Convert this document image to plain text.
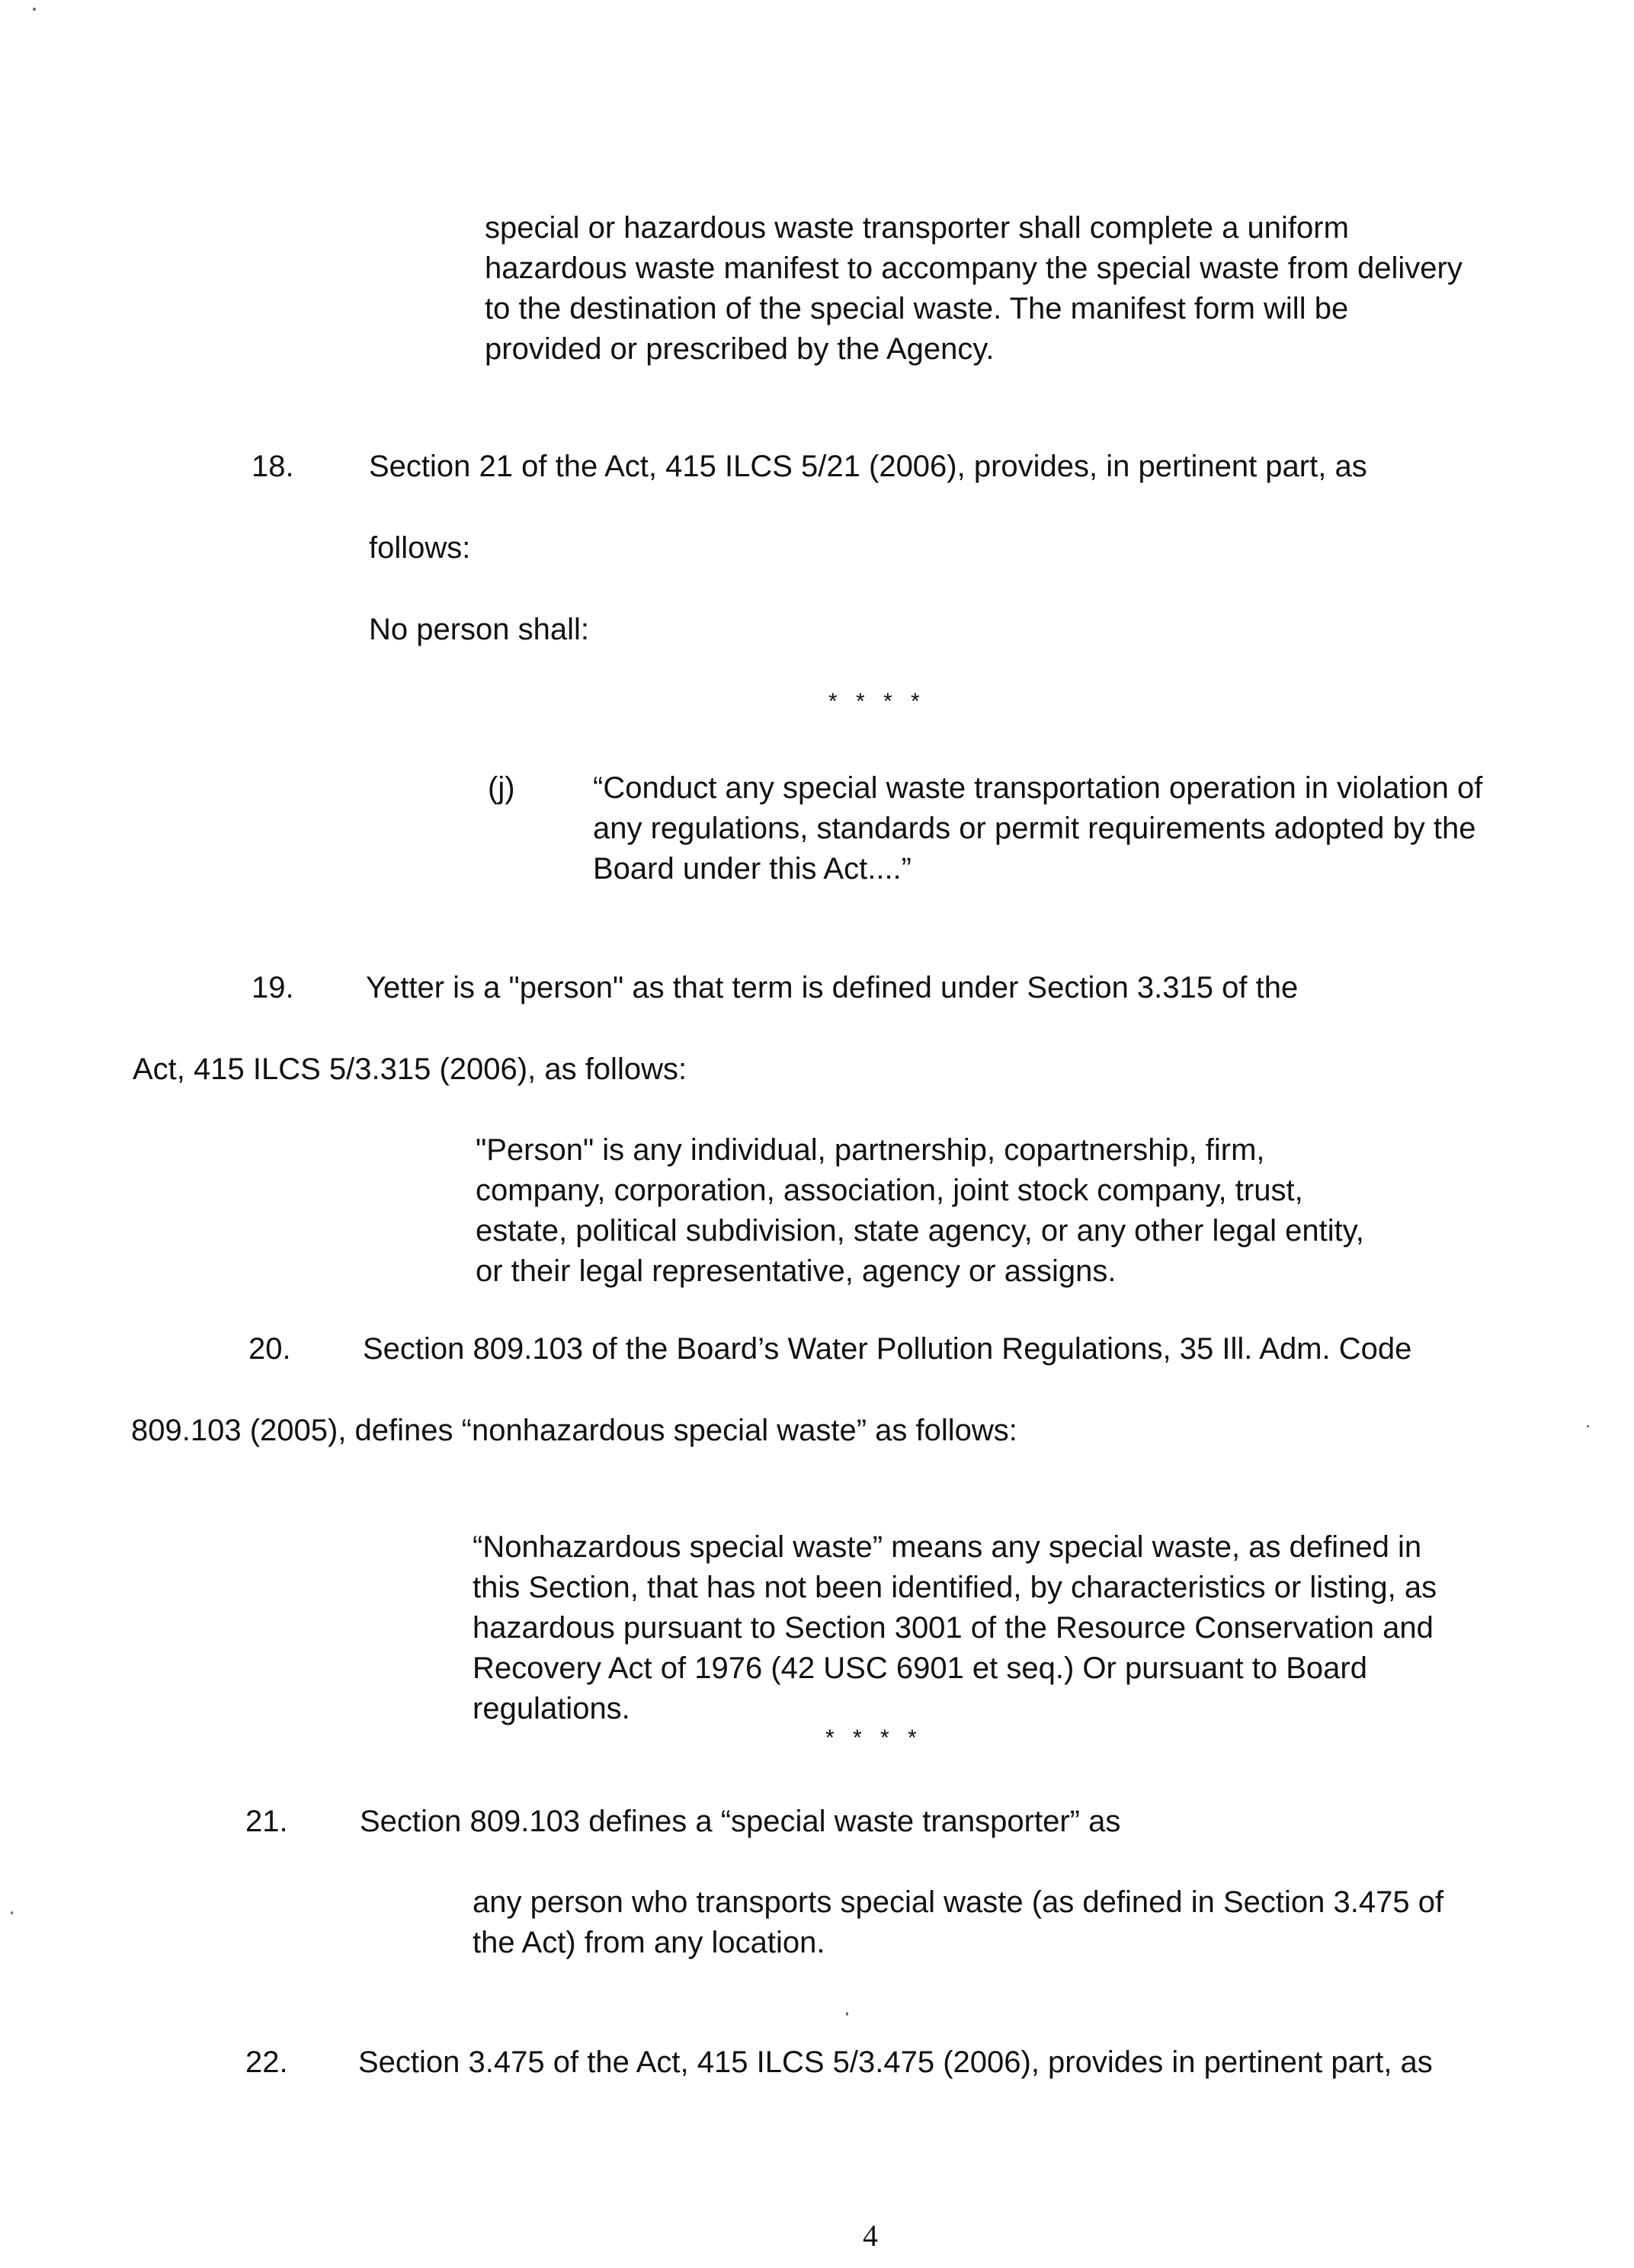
special or hazardous waste transporter shall complete a uniform
hazardous waste manifest to accompany the special waste from delivery
to the destination of the special waste. The manifest form will be
provided or prescribed by the Agency.
18. Section 21 of the Act, 415 ILCS 5/21 (2006), provides, in pertinent part, as
follows:
No person shall:
* * * *
(j)	“Conduct any special waste transportation operation in violation of
any regulations, standards or permit requirements adopted by the
Board under this Act....”
19. Yetter is a "person" as that term is defined under Section 3.315 of the
Act, 415 ILCS 5/3.315 (2006), as follows:
"Person" is any individual, partnership, copartnership, firm,
company, corporation, association, joint stock company, trust,
estate, political subdivision, state agency, or any other legal entity,
or their legal representative, agency or assigns.
20. Section 809.103 of the Board’s Water Pollution Regulations, 35 Ill. Adm. Code
809.103 (2005), defines “nonhazardous special waste” as follows:
“Nonhazardous special waste” means any special waste, as defined in
this Section, that has not been identified, by characteristics or listing, as
hazardous pursuant to Section 3001 of the Resource Conservation and
Recovery Act of 1976 (42 USC 6901 et seq.) Or pursuant to Board
regulations.
* * * *
21. Section 809.103 defines a “special waste transporter” as
any person who transports special waste (as defined in Section 3.475 of
the Act) from any location.
22. Section 3.475 of the Act, 415 ILCS 5/3.475 (2006), provides in pertinent part, as
4
